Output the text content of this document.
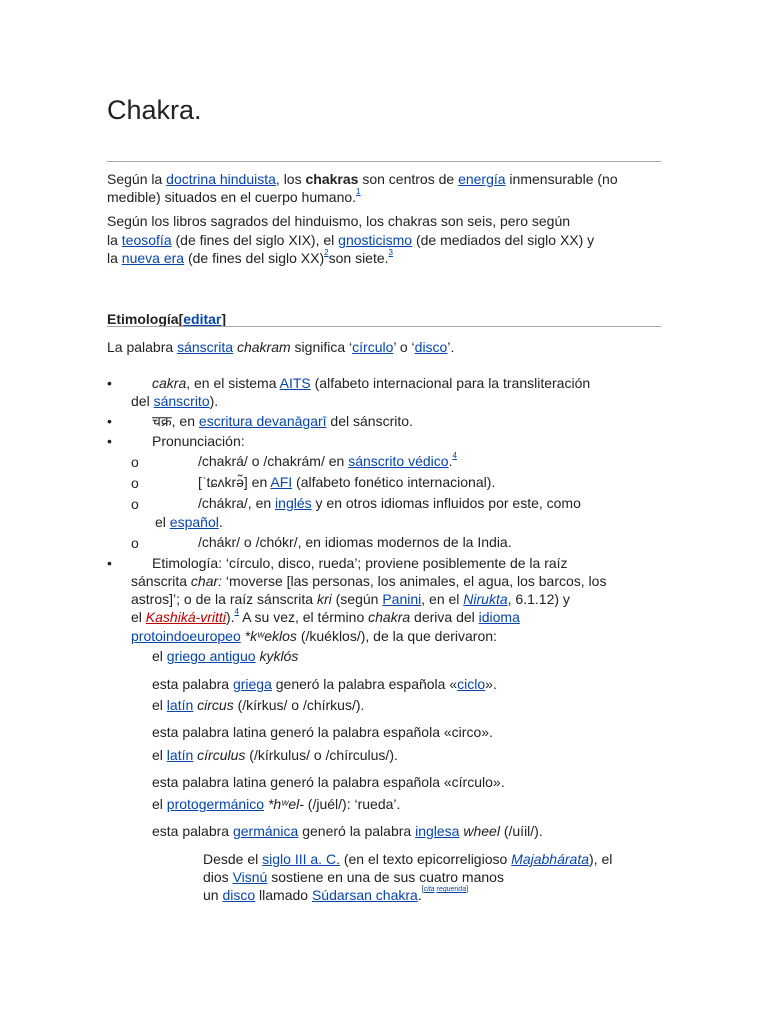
Chakra.
Según la doctrina hinduista, los chakras son centros de energía inmensurable (no
medible) situados en el cuerpo humano.$^1$
Según los libros sagrados del hinduismo, los chakras son seis, pero según
la teosofía (de fines del siglo XIX), el gnosticismo (de mediados del siglo XX) y
la nueva era (de fines del siglo XX)$^2$son siete.$^3$
Etimología[editar]
La palabra sánscrita chakram significa ‘círculo’ o ‘disco’.
•	cakra, en el sistema AITS (alfabeto internacional para la transliteración
del sánscrito).
•	चक्र, en escritura devanāgarī del sánscrito.
•	Pronunciación:
o	/chakrá/ o /chakrám/ en sánscrito védico.$^4$
o	[ˈtɕʌkrə̃] en AFI (alfabeto fonético internacional).
o	/chákra/, en inglés y en otros idiomas influidos por este, como
el español.
o	/chákr/ o /chókr/, en idiomas modernos de la India.
•	Etimología: ‘círculo, disco, rueda’; proviene posiblemente de la raíz
sánscrita char: ‘moverse [las personas, los animales, el agua, los barcos, los
astros]’; o de la raíz sánscrita kri (según Panini, en el Nirukta, 6.1.12) y
el Kashiká-vritti).$^4$ A su vez, el término chakra deriva del idioma
protoindoeuropeo *kʷeklos (/kuéklos/), de la que derivaron:
el griego antiguo kyklós
esta palabra griega generó la palabra española «ciclo».
el latín circus (/kírkus/ o /chírkus/).
esta palabra latina generó la palabra española «circo».
el latín círculus (/kírkulus/ o /chírculus/).
esta palabra latina generó la palabra española «círculo».
el protogermánico *hʷel- (/juél/): ‘rueda’.
esta palabra germánica generó la palabra inglesa wheel (/uíil/).
Desde el siglo III a. C. (en el texto epicorreligioso Majabhárata), el
dios Visnú sostiene en una de sus cuatro manos
un disco llamado Súdarsan chakra.[cita requerida]
